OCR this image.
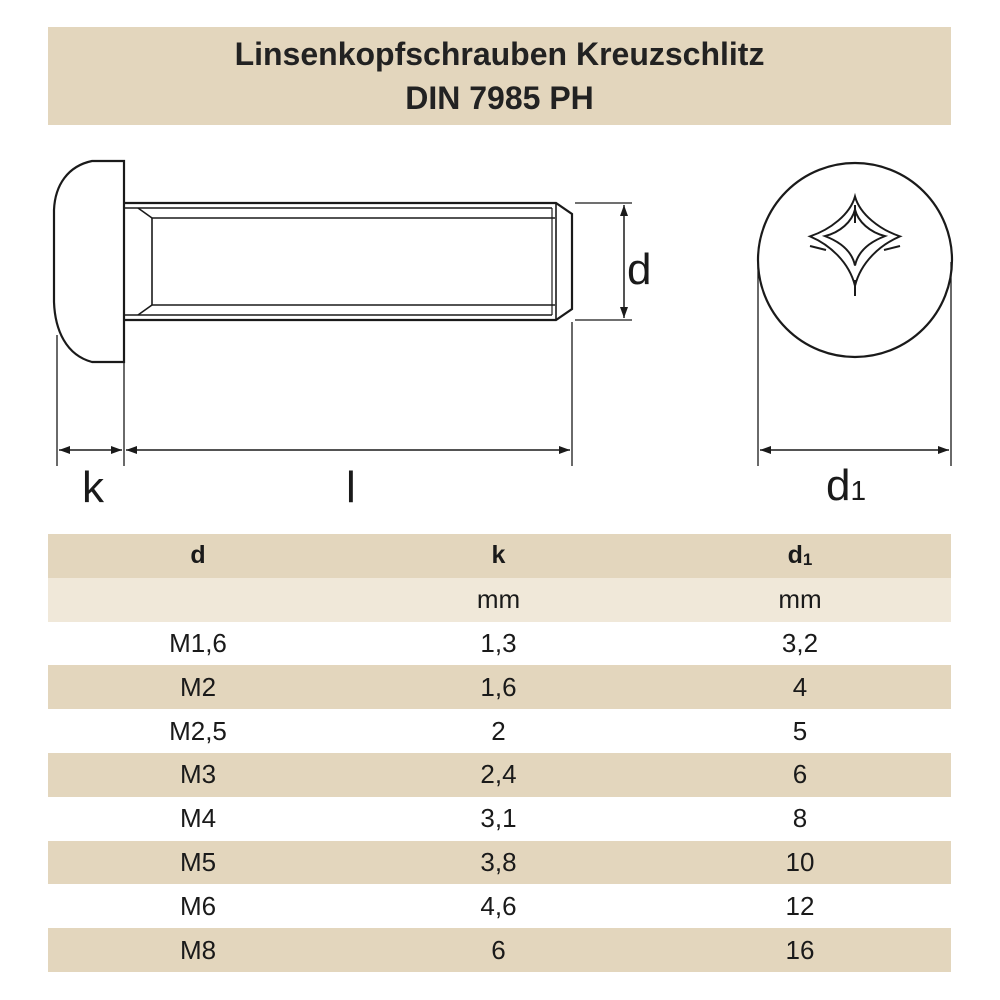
Linsenkopfschrauben Kreuzschlitz
DIN 7985 PH
d
k	l	d1
d	k	$d_1$
	mm	mm
M1,6	1,3	3,2
M2	1,6	4
M2,5	2	5
M3	2,4	6
M4	3,1	8
M5	3,8	10
M6	4,6	12
M8	6	16
